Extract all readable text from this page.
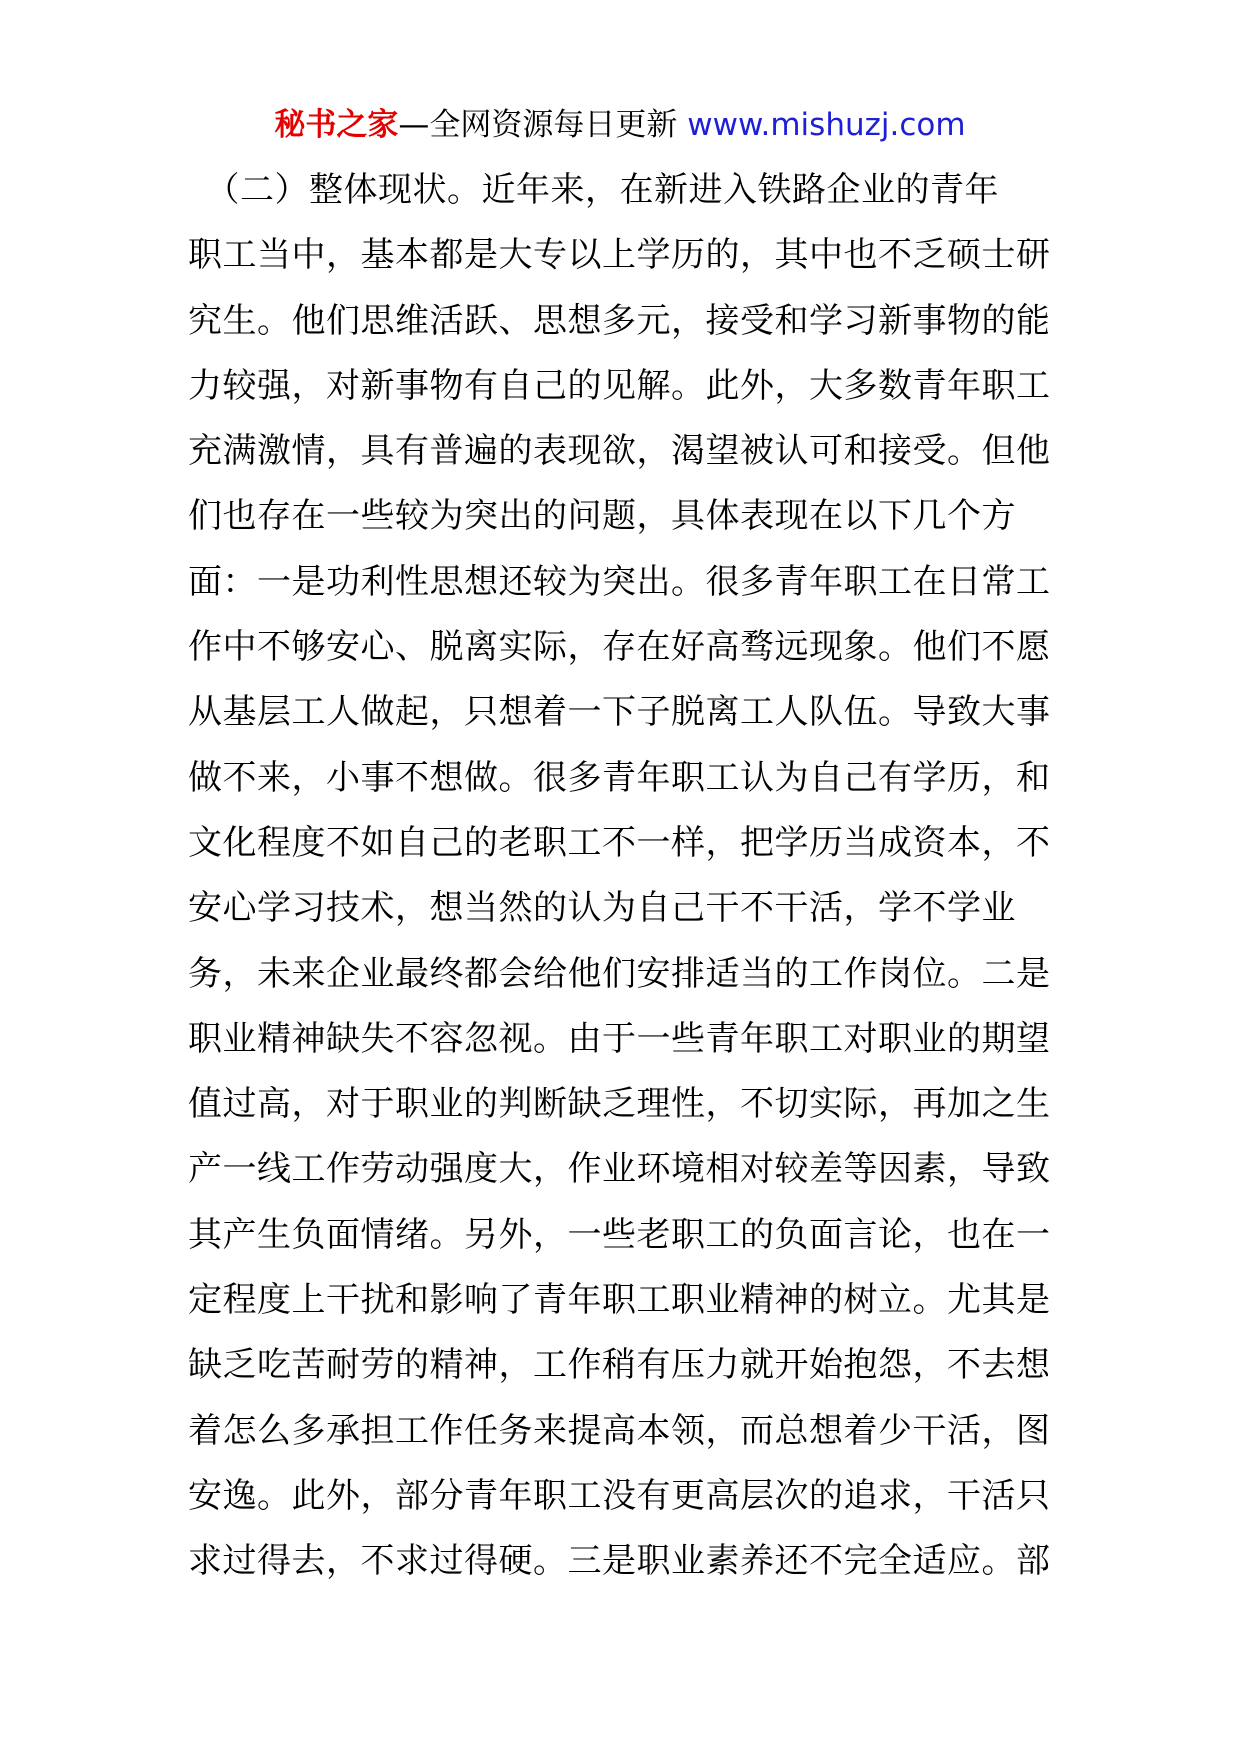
秘书之家—全网资源每日更新 www.mishuzj.com
　（二）整体现状。近年来，在新进入铁路企业的青年
职工当中，基本都是大专以上学历的，其中也不乏硕士研
究生。他们思维活跃、思想多元，接受和学习新事物的能
力较强，对新事物有自己的见解。此外，大多数青年职工
充满激情，具有普遍的表现欲，渴望被认可和接受。但他
们也存在一些较为突出的问题，具体表现在以下几个方
面：一是功利性思想还较为突出。很多青年职工在日常工
作中不够安心、脱离实际，存在好高骛远现象。他们不愿
从基层工人做起，只想着一下子脱离工人队伍。导致大事
做不来，小事不想做。很多青年职工认为自己有学历，和
文化程度不如自己的老职工不一样，把学历当成资本，不
安心学习技术，想当然的认为自己干不干活，学不学业
务，未来企业最终都会给他们安排适当的工作岗位。二是
职业精神缺失不容忽视。由于一些青年职工对职业的期望
值过高，对于职业的判断缺乏理性，不切实际，再加之生
产一线工作劳动强度大，作业环境相对较差等因素，导致
其产生负面情绪。另外，一些老职工的负面言论，也在一
定程度上干扰和影响了青年职工职业精神的树立。尤其是
缺乏吃苦耐劳的精神，工作稍有压力就开始抱怨，不去想
着怎么多承担工作任务来提高本领，而总想着少干活，图
安逸。此外，部分青年职工没有更高层次的追求，干活只
求过得去，不求过得硬。三是职业素养还不完全适应。部
